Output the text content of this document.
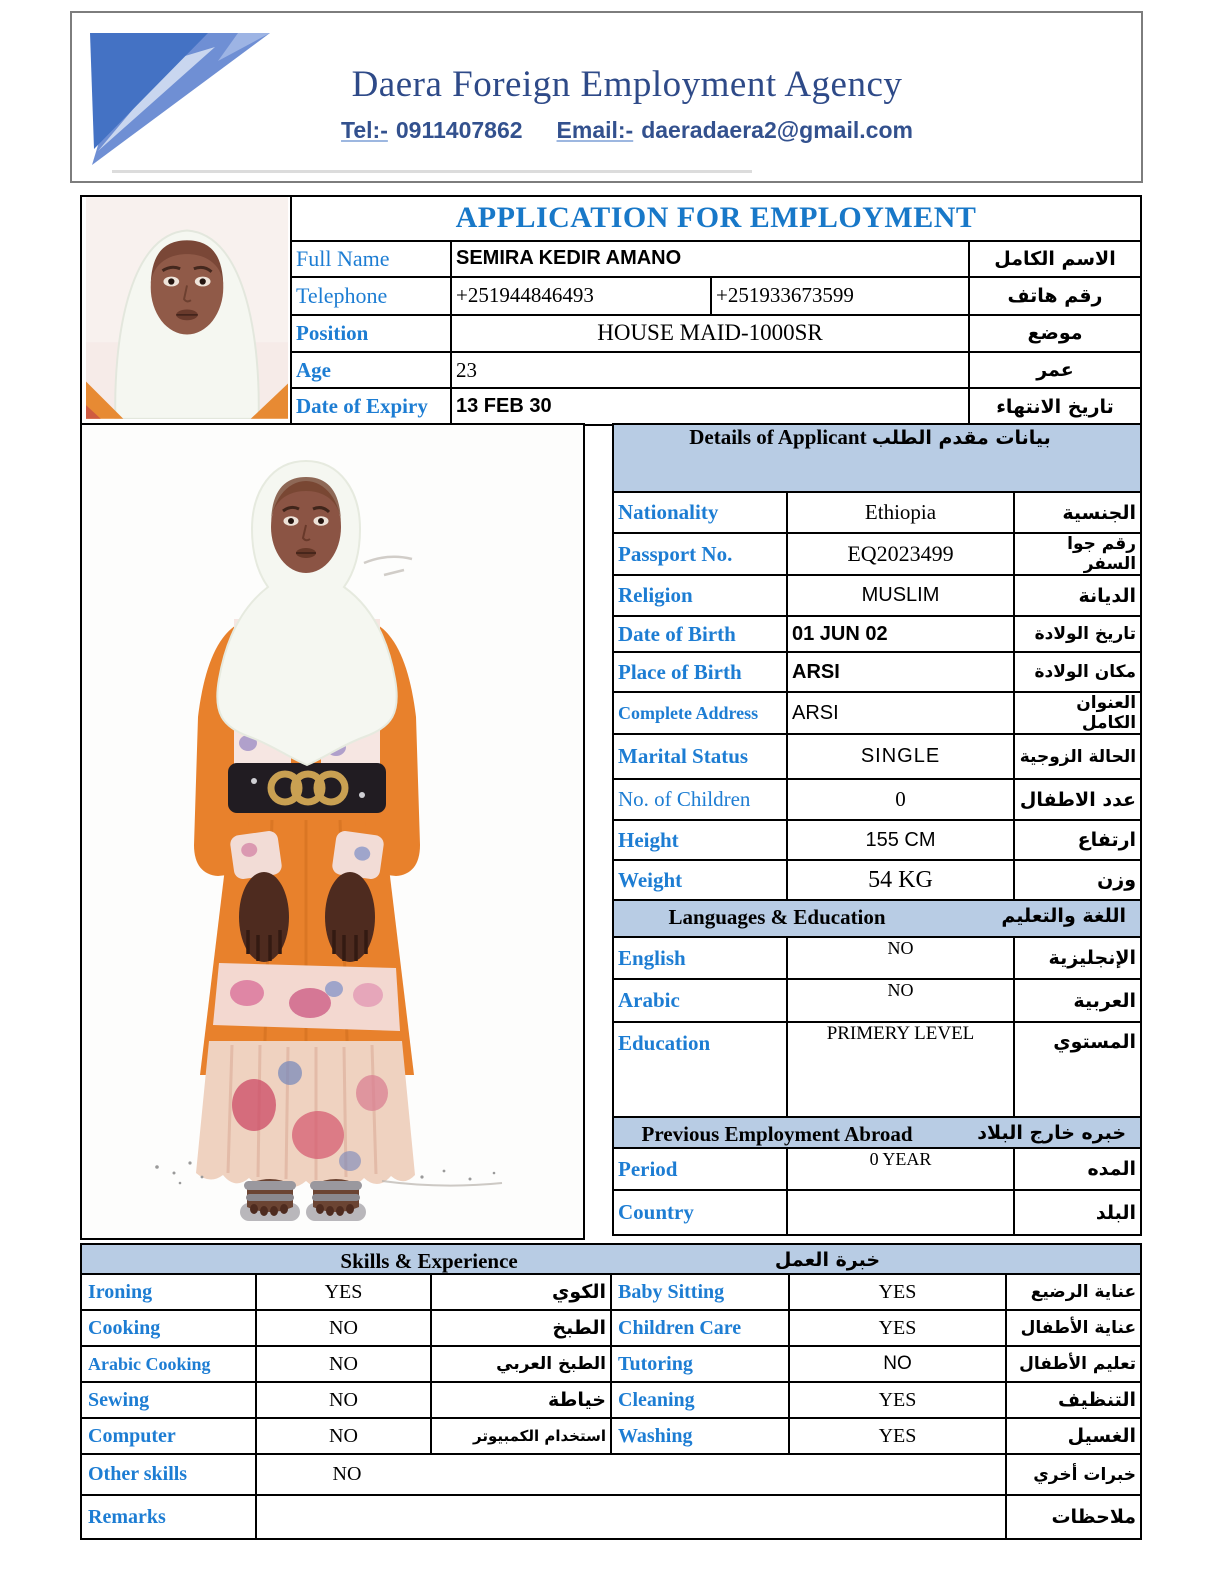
Daera Foreign Employment Agency
Tel:- 0911407862 Email:- daeradaera2@gmail.com
	APPLICATION FOR EMPLOYMENT			
	Full Name	SEMIRA KEDIR AMANO		الاسم الكامل
	Telephone	+251944846493	+251933673599	رقم هاتف
	Position	HOUSE MAID-1000SR		موضع
	Age	23		عمر
	Date of Expiry	13 FEB 30		تاريخ الانتهاء
Details of Applicant بيانات مقدم الطلب		
Nationality	Ethiopia	الجنسية
Passport No.	EQ2023499	رقم جوا السفر
Religion	MUSLIM	الديانة
Date of Birth	01 JUN 02	تاريخ الولادة
Place of Birth	ARSI	مكان الولادة
Complete Address	ARSI	العنوان الكامل
Marital Status	SINGLE	الحالة الزوجية
No. of Children	0	عدد الاطفال
Height	155 CM	ارتفاع
Weight	54 KG	وزن

Languages & Education اللغة والتعليم		

English	NO	الإنجليزية
Arabic	NO	العربية
Education	PRIMERY LEVEL	المستوي

Previous Employment Abroad خبره خارج البلاد		

Period	0 YEAR	المده
Country		البلد
Skills & Experience خبرة العمل					

Ironing	YES	الكوي	Baby Sitting	YES	عناية الرضيع
Cooking	NO	الطبخ	Children Care	YES	عناية الأطفال
Arabic Cooking	NO	الطبخ العربي	Tutoring	NO	تعليم الأطفال
Sewing	NO	خياطة	Cleaning	YES	التنظيف
Computer	NO	استخدام الكمبيوتر	Washing	YES	الغسيل
Other skills	NO				خبرات أخري
Remarks					ملاحظات
